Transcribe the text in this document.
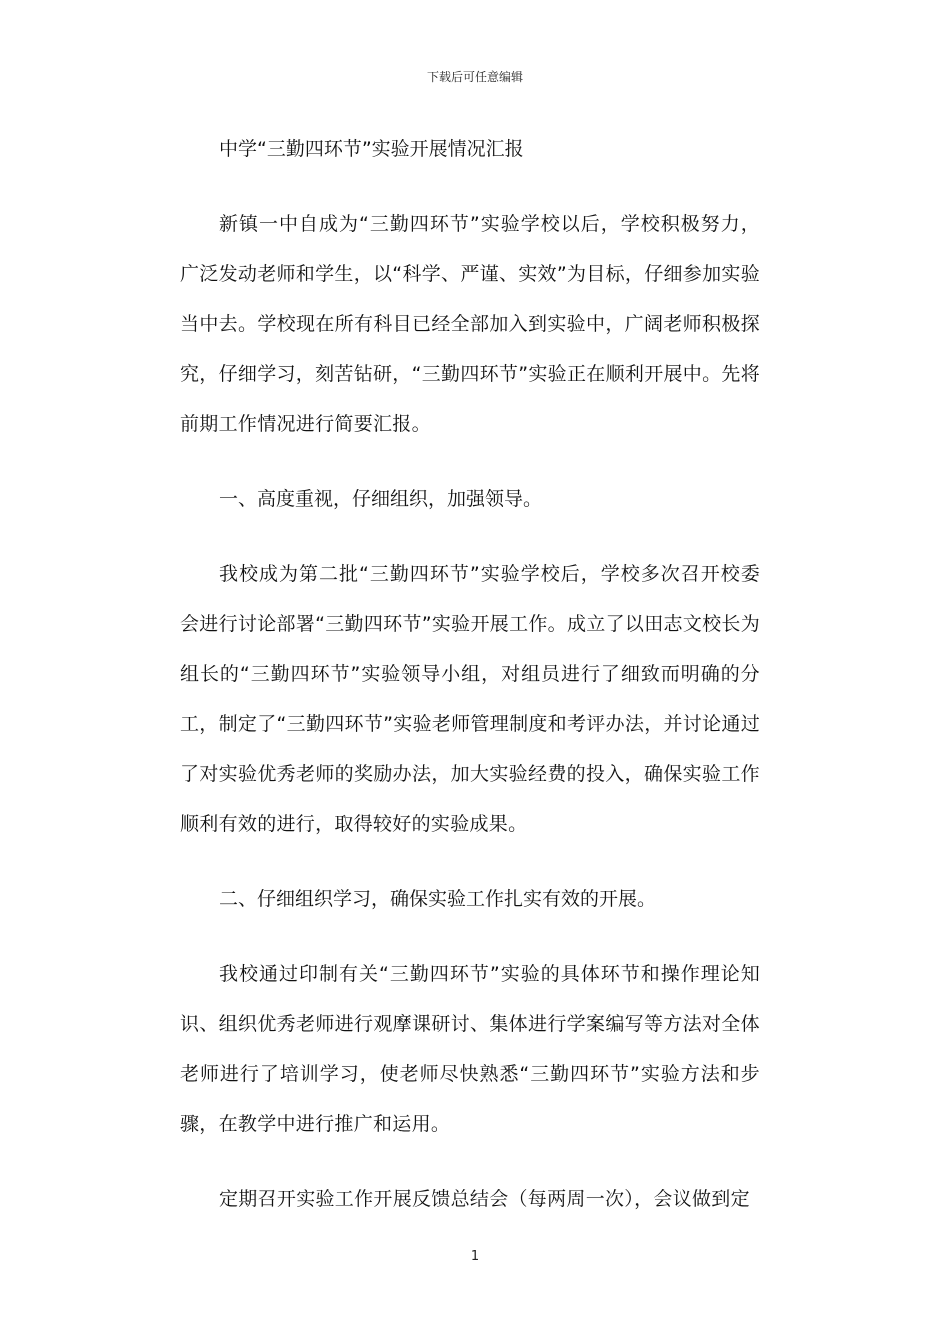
下载后可任意编辑
中学“三勤四环节”实验开展情况汇报

新镇一中自成为“三勤四环节”实验学校以后，学校积极努力，广泛发动老师和学生，以“科学、严谨、实效”为目标，仔细参加实验当中去。学校现在所有科目已经全部加入到实验中，广阔老师积极探究，仔细学习，刻苦钻研，“三勤四环节”实验正在顺利开展中。先将前期工作情况进行简要汇报。

一、高度重视，仔细组织，加强领导。

我校成为第二批“三勤四环节”实验学校后，学校多次召开校委会进行讨论部署“三勤四环节”实验开展工作。成立了以田志文校长为组长的“三勤四环节”实验领导小组，对组员进行了细致而明确的分工，制定了“三勤四环节”实验老师管理制度和考评办法，并讨论通过了对实验优秀老师的奖励办法，加大实验经费的投入，确保实验工作顺利有效的进行，取得较好的实验成果。

二、仔细组织学习，确保实验工作扎实有效的开展。

我校通过印制有关“三勤四环节”实验的具体环节和操作理论知识、组织优秀老师进行观摩课研讨、集体进行学案编写等方法对全体老师进行了培训学习，使老师尽快熟悉“三勤四环节”实验方法和步骤，在教学中进行推广和运用。

定期召开实验工作开展反馈总结会（每两周一次），会议做到定

1
